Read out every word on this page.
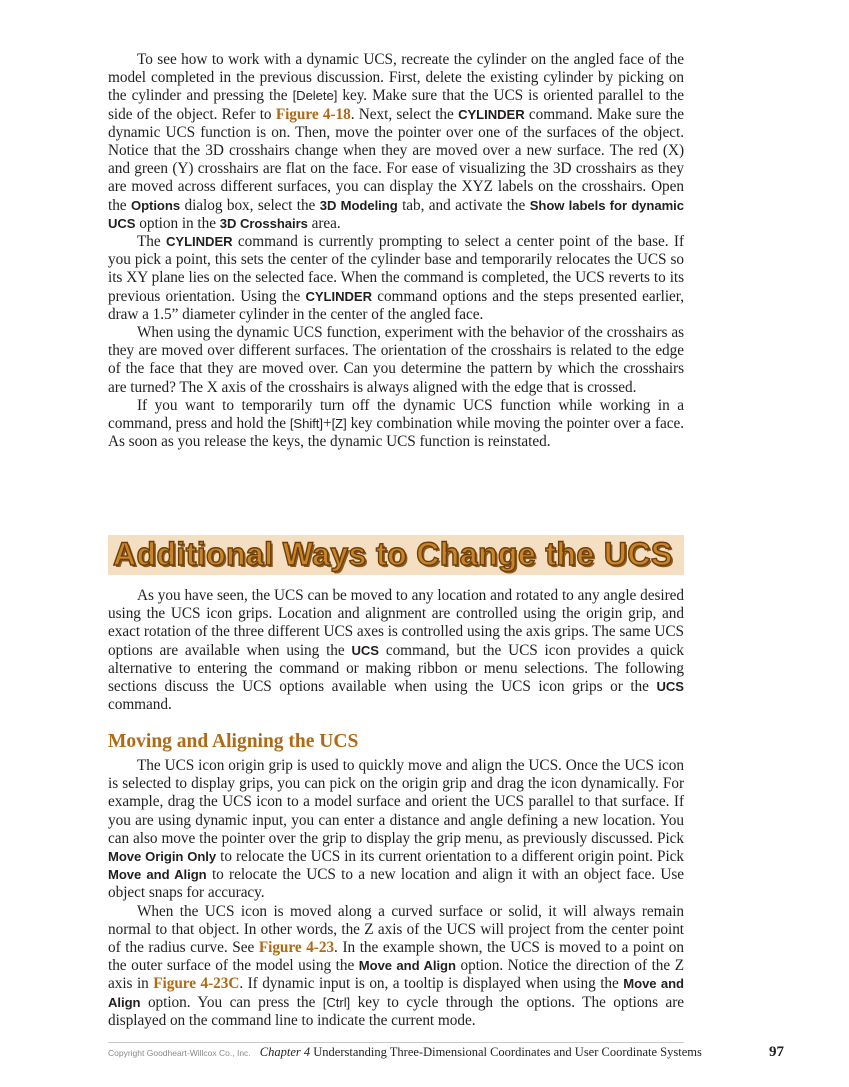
To see how to work with a dynamic UCS, recreate the cylinder on the angled face of the model completed in the previous discussion. First, delete the existing cylinder by picking on the cylinder and pressing the [Delete] key. Make sure that the UCS is oriented parallel to the side of the object. Refer to Figure 4-18. Next, select the CYLINDER command. Make sure the dynamic UCS function is on. Then, move the pointer over one of the surfaces of the object. Notice that the 3D crosshairs change when they are moved over a new surface. The red (X) and green (Y) crosshairs are flat on the face. For ease of visualizing the 3D crosshairs as they are moved across different surfaces, you can display the XYZ labels on the crosshairs. Open the Options dialog box, select the 3D Modeling tab, and activate the Show labels for dynamic UCS option in the 3D Crosshairs area.

The CYLINDER command is currently prompting to select a center point of the base. If you pick a point, this sets the center of the cylinder base and temporarily relocates the UCS so its XY plane lies on the selected face. When the command is completed, the UCS reverts to its previous orientation. Using the CYLINDER command options and the steps presented earlier, draw a 1.5” diameter cylinder in the center of the angled face.

When using the dynamic UCS function, experiment with the behavior of the crosshairs as they are moved over different surfaces. The orientation of the crosshairs is related to the edge of the face that they are moved over. Can you determine the pattern by which the crosshairs are turned? The X axis of the crosshairs is always aligned with the edge that is crossed.

If you want to temporarily turn off the dynamic UCS function while working in a command, press and hold the [Shift]+[Z] key combination while moving the pointer over a face. As soon as you release the keys, the dynamic UCS function is reinstated.

Additional Ways to Change the UCS

As you have seen, the UCS can be moved to any location and rotated to any angle desired using the UCS icon grips. Location and alignment are controlled using the origin grip, and exact rotation of the three different UCS axes is controlled using the axis grips. The same UCS options are available when using the UCS command, but the UCS icon provides a quick alternative to entering the command or making ribbon or menu selections. The following sections discuss the UCS options available when using the UCS icon grips or the UCS command.

Moving and Aligning the UCS

The UCS icon origin grip is used to quickly move and align the UCS. Once the UCS icon is selected to display grips, you can pick on the origin grip and drag the icon dynamically. For example, drag the UCS icon to a model surface and orient the UCS parallel to that surface. If you are using dynamic input, you can enter a distance and angle defining a new location. You can also move the pointer over the grip to display the grip menu, as previously discussed. Pick Move Origin Only to relocate the UCS in its current orientation to a different origin point. Pick Move and Align to relocate the UCS to a new location and align it with an object face. Use object snaps for accuracy.

When the UCS icon is moved along a curved surface or solid, it will always remain normal to that object. In other words, the Z axis of the UCS will project from the center point of the radius curve. See Figure 4-23. In the example shown, the UCS is moved to a point on the outer surface of the model using the Move and Align option. Notice the direction of the Z axis in Figure 4-23C. If dynamic input is on, a tooltip is displayed when using the Move and Align option. You can press the [Ctrl] key to cycle through the options. The options are displayed on the command line to indicate the current mode.

Copyright Goodheart-Willcox Co., Inc. Chapter 4 Understanding Three-Dimensional Coordinates and User Coordinate Systems	97
